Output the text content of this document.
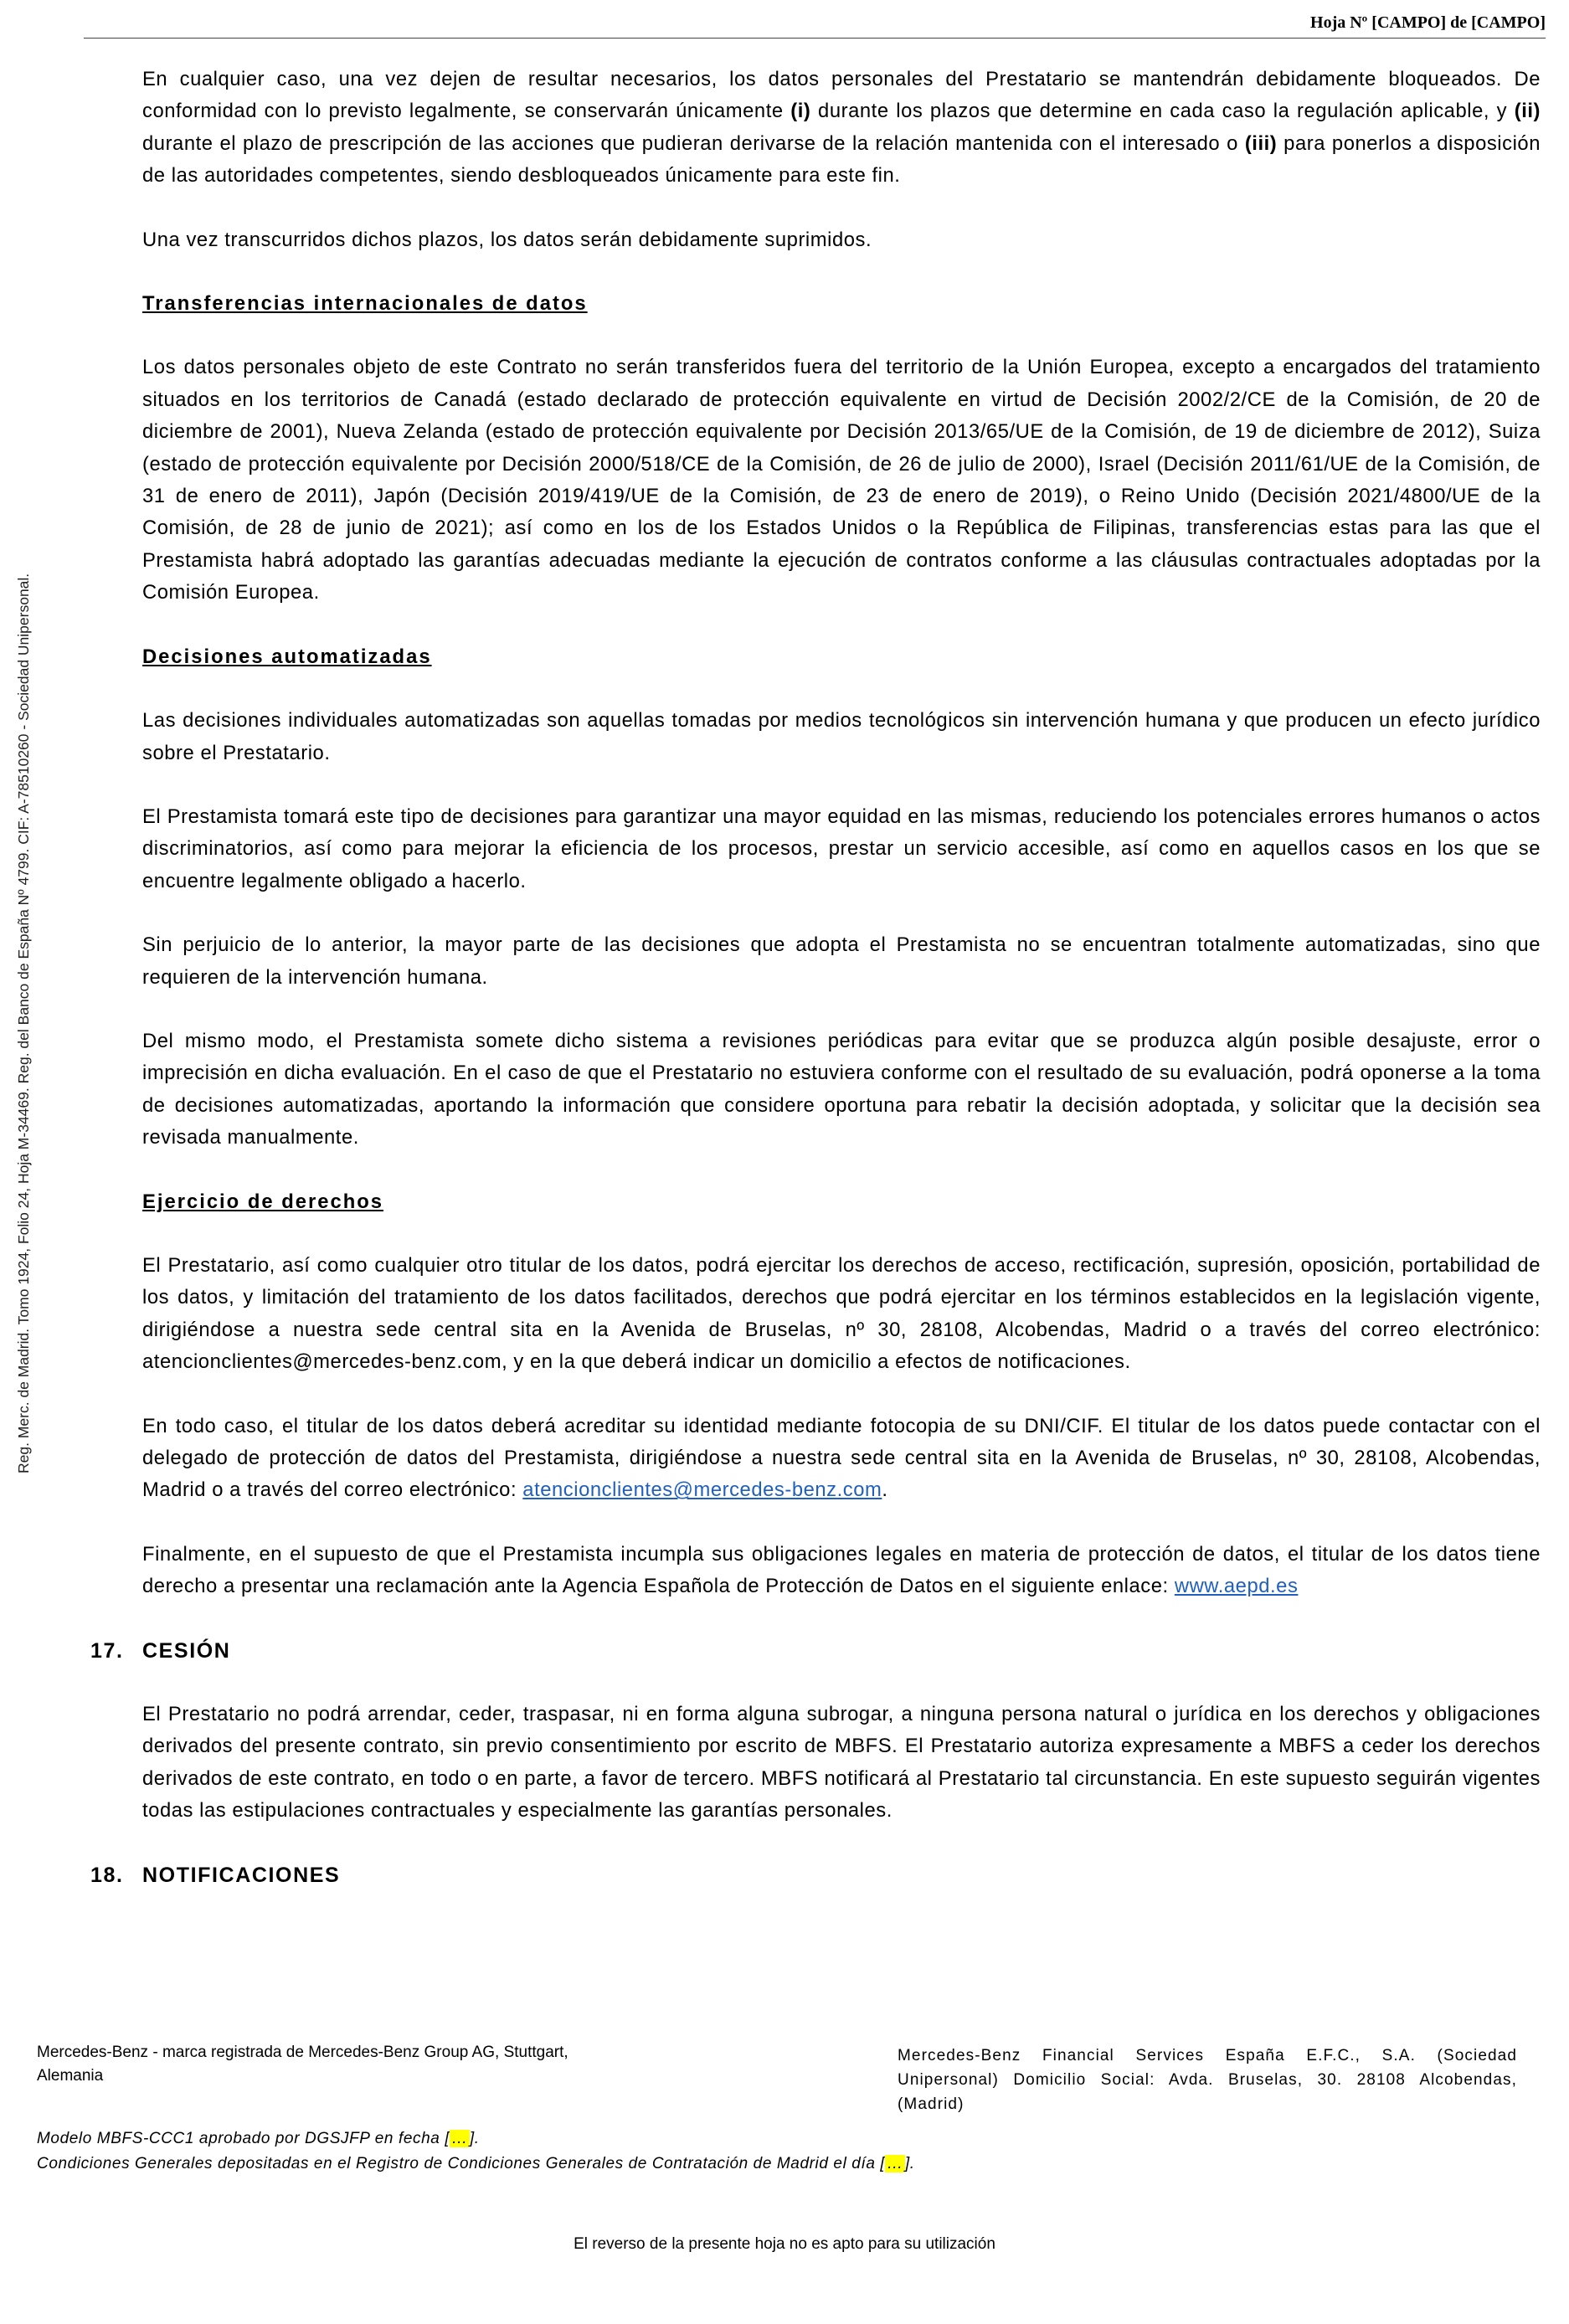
Hoja Nº [CAMPO] de [CAMPO]
Reg. Merc. de Madrid. Tomo 1924, Folio 24, Hoja M-34469. Reg. del Banco de España Nº 4799. CIF: A-78510260 - Sociedad Unipersonal.

En cualquier caso, una vez dejen de resultar necesarios, los datos personales del Prestatario se mantendrán debidamente bloqueados. De conformidad con lo previsto legalmente, se conservarán únicamente (i) durante los plazos que determine en cada caso la regulación aplicable, y (ii) durante el plazo de prescripción de las acciones que pudieran derivarse de la relación mantenida con el interesado o (iii) para ponerlos a disposición de las autoridades competentes, siendo desbloqueados únicamente para este fin.

Una vez transcurridos dichos plazos, los datos serán debidamente suprimidos.

Transferencias internacionales de datos

Los datos personales objeto de este Contrato no serán transferidos fuera del territorio de la Unión Europea, excepto a encargados del tratamiento situados en los territorios de Canadá (estado declarado de protección equivalente en virtud de Decisión 2002/2/CE de la Comisión, de 20 de diciembre de 2001), Nueva Zelanda (estado de protección equivalente por Decisión 2013/65/UE de la Comisión, de 19 de diciembre de 2012), Suiza (estado de protección equivalente por Decisión 2000/518/CE de la Comisión, de 26 de julio de 2000), Israel (Decisión 2011/61/UE de la Comisión, de 31 de enero de 2011), Japón (Decisión 2019/419/UE de la Comisión, de 23 de enero de 2019), o Reino Unido (Decisión 2021/4800/UE de la Comisión, de 28 de junio de 2021); así como en los de los Estados Unidos o la República de Filipinas, transferencias estas para las que el Prestamista habrá adoptado las garantías adecuadas mediante la ejecución de contratos conforme a las cláusulas contractuales adoptadas por la Comisión Europea.

Decisiones automatizadas

Las decisiones individuales automatizadas son aquellas tomadas por medios tecnológicos sin intervención humana y que producen un efecto jurídico sobre el Prestatario.

El Prestamista tomará este tipo de decisiones para garantizar una mayor equidad en las mismas, reduciendo los potenciales errores humanos o actos discriminatorios, así como para mejorar la eficiencia de los procesos, prestar un servicio accesible, así como en aquellos casos en los que se encuentre legalmente obligado a hacerlo.

Sin perjuicio de lo anterior, la mayor parte de las decisiones que adopta el Prestamista no se encuentran totalmente automatizadas, sino que requieren de la intervención humana.

Del mismo modo, el Prestamista somete dicho sistema a revisiones periódicas para evitar que se produzca algún posible desajuste, error o imprecisión en dicha evaluación. En el caso de que el Prestatario no estuviera conforme con el resultado de su evaluación, podrá oponerse a la toma de decisiones automatizadas, aportando la información que considere oportuna para rebatir la decisión adoptada, y solicitar que la decisión sea revisada manualmente.

Ejercicio de derechos

El Prestatario, así como cualquier otro titular de los datos, podrá ejercitar los derechos de acceso, rectificación, supresión, oposición, portabilidad de los datos, y limitación del tratamiento de los datos facilitados, derechos que podrá ejercitar en los términos establecidos en la legislación vigente, dirigiéndose a nuestra sede central sita en la Avenida de Bruselas, nº 30, 28108, Alcobendas, Madrid o a través del correo electrónico: atencionclientes@mercedes-benz.com, y en la que deberá indicar un domicilio a efectos de notificaciones.

En todo caso, el titular de los datos deberá acreditar su identidad mediante fotocopia de su DNI/CIF. El titular de los datos puede contactar con el delegado de protección de datos del Prestamista, dirigiéndose a nuestra sede central sita en la Avenida de Bruselas, nº 30, 28108, Alcobendas, Madrid o a través del correo electrónico: atencionclientes@mercedes-benz.com.

Finalmente, en el supuesto de que el Prestamista incumpla sus obligaciones legales en materia de protección de datos, el titular de los datos tiene derecho a presentar una reclamación ante la Agencia Española de Protección de Datos en el siguiente enlace: www.aepd.es

17. CESIÓN

El Prestatario no podrá arrendar, ceder, traspasar, ni en forma alguna subrogar, a ninguna persona natural o jurídica en los derechos y obligaciones derivados del presente contrato, sin previo consentimiento por escrito de MBFS. El Prestatario autoriza expresamente a MBFS a ceder los derechos derivados de este contrato, en todo o en parte, a favor de tercero. MBFS notificará al Prestatario tal circunstancia. En este supuesto seguirán vigentes todas las estipulaciones contractuales y especialmente las garantías personales.

18. NOTIFICACIONES
Mercedes-Benz - marca registrada de Mercedes-Benz Group AG, Stuttgart, Alemania
Mercedes-Benz Financial Services España E.F.C., S.A. (Sociedad Unipersonal) Domicilio Social: Avda. Bruselas, 30. 28108 Alcobendas, (Madrid)
Modelo MBFS-CCC1 aprobado por DGSJFP en fecha [ … ].
Condiciones Generales depositadas en el Registro de Condiciones Generales de Contratación de Madrid el día [ … ].
El reverso de la presente hoja no es apto para su utilización
